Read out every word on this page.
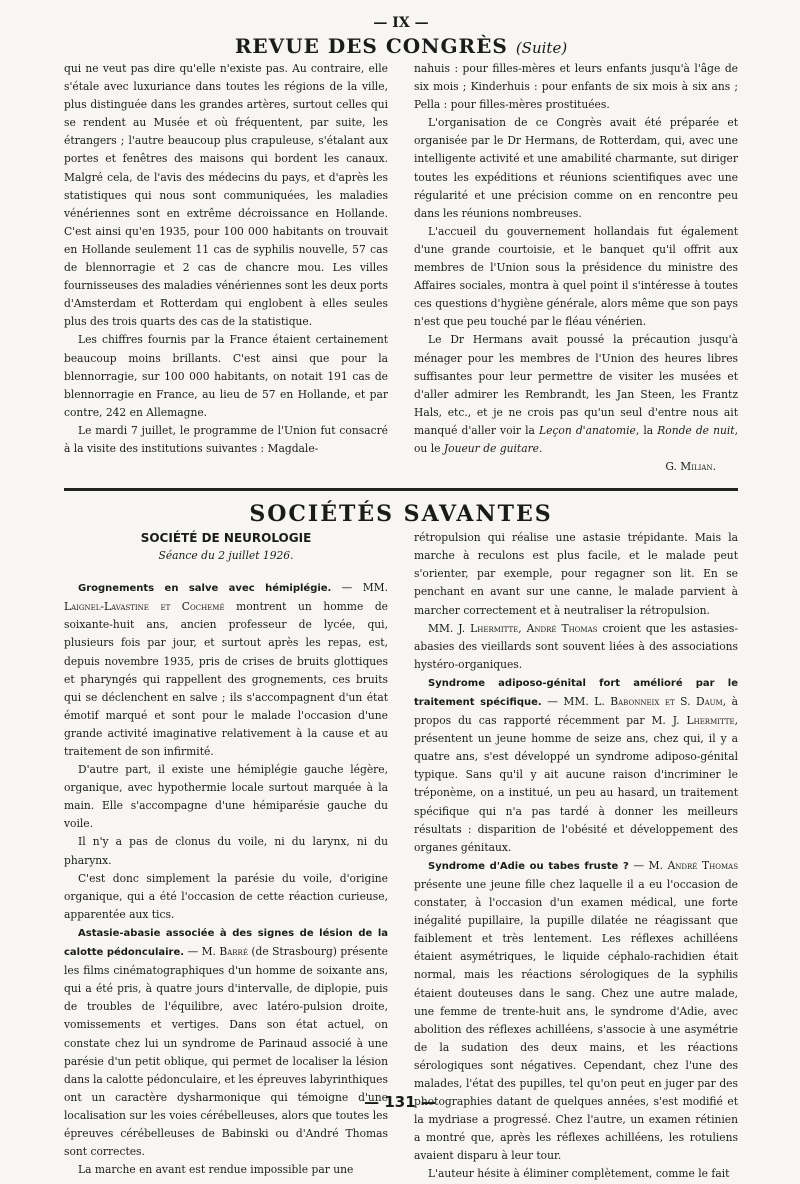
— IX —
REVUE DES CONGRÈS (Suite)

qui ne veut pas dire qu'elle n'existe pas. Au contraire, elle s'étale avec luxuriance dans toutes les régions de la ville, plus distinguée dans les grandes artères, surtout celles qui se rendent au Musée et où fréquentent, par suite, les étrangers ; l'autre beaucoup plus crapuleuse, s'étalant aux portes et fenêtres des maisons qui bordent les canaux. Malgré cela, de l'avis des médecins du pays, et d'après les statistiques qui nous sont communiquées, les maladies vénériennes sont en extrême décroissance en Hollande. C'est ainsi qu'en 1935, pour 100 000 habitants on trouvait en Hollande seulement 11 cas de syphilis nouvelle, 57 cas de blennorragie et 2 cas de chancre mou. Les villes fournisseuses des maladies vénériennes sont les deux ports d'Amsterdam et Rotterdam qui englobent à elles seules plus des trois quarts des cas de la statistique.

Les chiffres fournis par la France étaient certainement beaucoup moins brillants. C'est ainsi que pour la blennorragie, sur 100 000 habitants, on notait 191 cas de blennorragie en France, au lieu de 57 en Hollande, et par contre, 242 en Allemagne.

Le mardi 7 juillet, le programme de l'Union fut consacré à la visite des institutions suivantes : Magdale-

nahuis : pour filles-mères et leurs enfants jusqu'à l'âge de six mois ; Kinderhuis : pour enfants de six mois à six ans ; Pella : pour filles-mères prostituées.

L'organisation de ce Congrès avait été préparée et organisée par le Dr Hermans, de Rotterdam, qui, avec une intelligente activité et une amabilité charmante, sut diriger toutes les expéditions et réunions scientifiques avec une régularité et une précision comme on en rencontre peu dans les réunions nombreuses.

L'accueil du gouvernement hollandais fut également d'une grande courtoisie, et le banquet qu'il offrit aux membres de l'Union sous la présidence du ministre des Affaires sociales, montra à quel point il s'intéresse à toutes ces questions d'hygiène générale, alors même que son pays n'est que peu touché par le fléau vénérien.

Le Dr Hermans avait poussé la précaution jusqu'à ménager pour les membres de l'Union des heures libres suffisantes pour leur permettre de visiter les musées et d'aller admirer les Rembrandt, les Jan Steen, les Frantz Hals, etc., et je ne crois pas qu'un seul d'entre nous ait manqué d'aller voir la Leçon d'anatomie, la Ronde de nuit, ou le Joueur de guitare.

G. Milian.

SOCIÉTÉS SAVANTES
SOCIÉTÉ DE NEUROLOGIE
Séance du 2 juillet 1926.

Grognements en salve avec hémiplégie. — MM. Laignel-Lavastine et Cochemé montrent un homme de soixante-huit ans, ancien professeur de lycée, qui, plusieurs fois par jour, et surtout après les repas, est, depuis novembre 1935, pris de crises de bruits glottiques et pharyngés qui rappellent des grognements, ces bruits qui se déclenchent en salve ; ils s'accompagnent d'un état émotif marqué et sont pour le malade l'occasion d'une grande activité imaginative relativement à la cause et au traitement de son infirmité.

D'autre part, il existe une hémiplégie gauche légère, organique, avec hypothermie locale surtout marquée à la main. Elle s'accompagne d'une hémiparésie gauche du voile.

Il n'y a pas de clonus du voile, ni du larynx, ni du pharynx.

C'est donc simplement la parésie du voile, d'origine organique, qui a été l'occasion de cette réaction curieuse, apparentée aux tics.

Astasie-abasie associée à des signes de lésion de la calotte pédonculaire. — M. Barré (de Strasbourg) présente les films cinématographiques d'un homme de soixante ans, qui a été pris, à quatre jours d'intervalle, de diplopie, puis de troubles de l'équilibre, avec latéro-pulsion droite, vomissements et vertiges. Dans son état actuel, on constate chez lui un syndrome de Parinaud associé à une parésie d'un petit oblique, qui permet de localiser la lésion dans la calotte pédonculaire, et les épreuves labyrinthiques ont un caractère dysharmonique qui témoigne d'une localisation sur les voies cérébelleuses, alors que toutes les épreuves cérébelleuses de Babinski ou d'André Thomas sont correctes.

La marche en avant est rendue impossible par une

rétropulsion qui réalise une astasie trépidante. Mais la marche à reculons est plus facile, et le malade peut s'orienter, par exemple, pour regagner son lit. En se penchant en avant sur une canne, le malade parvient à marcher correctement et à neutraliser la rétropulsion.

MM. J. Lhermitte, André Thomas croient que les astasies-abasies des vieillards sont souvent liées à des associations hystéro-organiques.

Syndrome adiposo-génital fort amélioré par le traitement spécifique. — MM. L. Babonneix et S. Daum, à propos du cas rapporté récemment par M. J. Lhermitte, présentent un jeune homme de seize ans, chez qui, il y a quatre ans, s'est développé un syndrome adiposo-génital typique. Sans qu'il y ait aucune raison d'incriminer le tréponème, on a institué, un peu au hasard, un traitement spécifique qui n'a pas tardé à donner les meilleurs résultats : disparition de l'obésité et développement des organes génitaux.

Syndrome d'Adie ou tabes fruste ? — M. André Thomas présente une jeune fille chez laquelle il a eu l'occasion de constater, à l'occasion d'un examen médical, une forte inégalité pupillaire, la pupille dilatée ne réagissant que faiblement et très lentement. Les réflexes achilléens étaient asymétriques, le liquide céphalo-rachidien était normal, mais les réactions sérologiques de la syphilis étaient douteuses dans le sang. Chez une autre malade, une femme de trente-huit ans, le syndrome d'Adie, avec abolition des réflexes achilléens, s'associe à une asymétrie de la sudation des deux mains, et les réactions sérologiques sont négatives. Cependant, chez l'une des malades, l'état des pupilles, tel qu'on peut en juger par des photographies datant de quelques années, s'est modifié et la mydriase a progressé. Chez l'autre, un examen rétinien a montré que, après les réflexes achilléens, les rotuliens avaient disparu à leur tour.

L'auteur hésite à éliminer complètement, comme le fait

— 131 —
